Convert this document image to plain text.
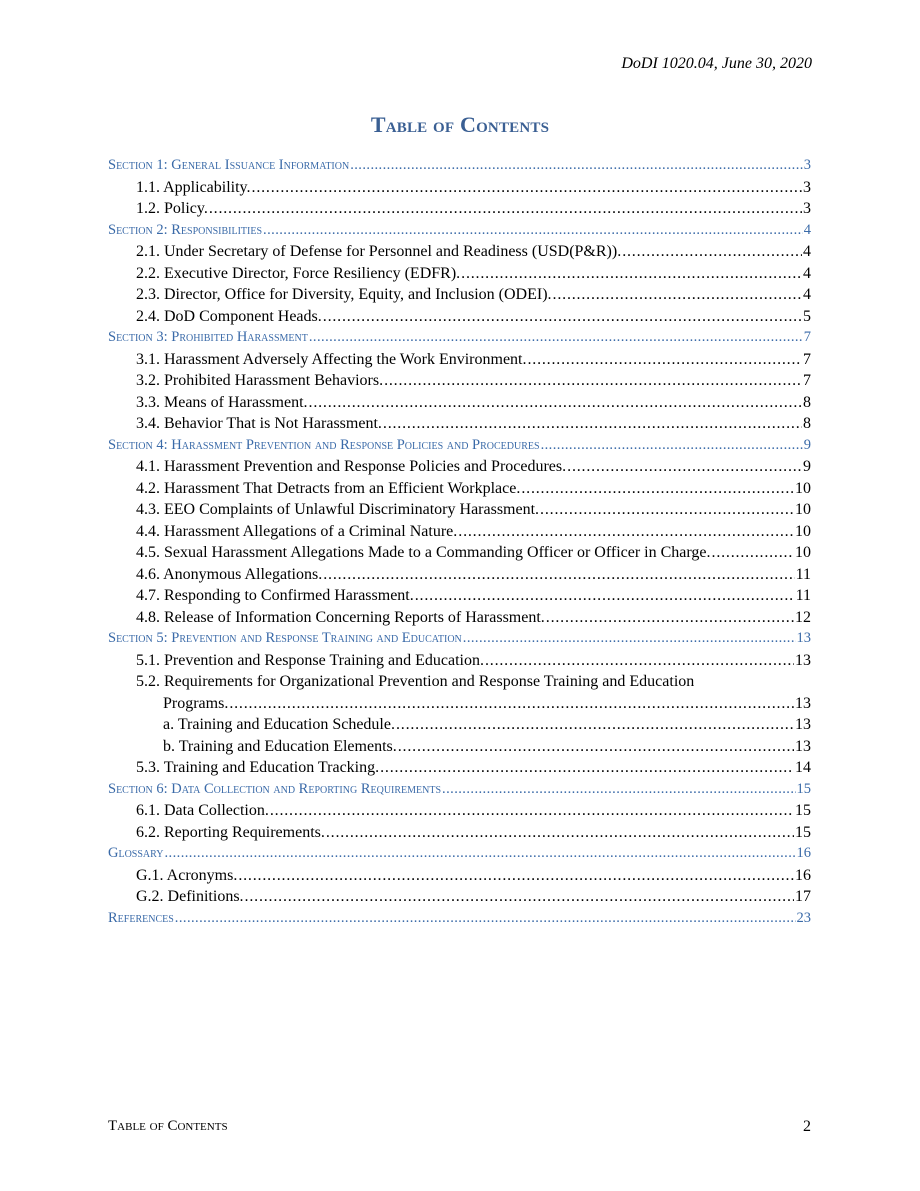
DoDI 1020.04, June 30, 2020
Table of Contents
Section 1: General Issuance Information . . .	3
1.1. Applicability. . . .	3
1.2. Policy. . . .	3
Section 2: Responsibilities . . .	4
2.1. Under Secretary of Defense for Personnel and Readiness (USD(P&R)). . . .	4
2.2. Executive Director, Force Resiliency (EDFR). . . .	4
2.3. Director, Office for Diversity, Equity, and Inclusion (ODEI). . . .	4
2.4. DoD Component Heads. . . .	5
Section 3: Prohibited Harassment . . .	7
3.1. Harassment Adversely Affecting the Work Environment. . . .	7
3.2. Prohibited Harassment Behaviors. . . .	7
3.3. Means of Harassment. . . .	8
3.4. Behavior That is Not Harassment. . . .	8
Section 4: Harassment Prevention and Response Policies and Procedures . . .	9
4.1. Harassment Prevention and Response Policies and Procedures. . . .	9
4.2. Harassment That Detracts from an Efficient Workplace. . . .	10
4.3. EEO Complaints of Unlawful Discriminatory Harassment. . . .	10
4.4. Harassment Allegations of a Criminal Nature. . . .	10
4.5. Sexual Harassment Allegations Made to a Commanding Officer or Officer in Charge. . . .	10
4.6. Anonymous Allegations. . . .	11
4.7. Responding to Confirmed Harassment. . . .	11
4.8. Release of Information Concerning Reports of Harassment. . . .	12
Section 5: Prevention and Response Training and Education . . .	13
5.1. Prevention and Response Training and Education. . . .	13
5.2. Requirements for Organizational Prevention and Response Training and Education
Programs. . . .	13
a. Training and Education Schedule. . . .	13
b. Training and Education Elements. . . .	13
5.3. Training and Education Tracking. . . .	14
Section 6: Data Collection and Reporting Requirements . . .	15
6.1. Data Collection. . . .	15
6.2. Reporting Requirements. . . .	15
Glossary . . .	16
G.1. Acronyms. . . .	16
G.2. Definitions. . . .	17
References . . .	23
Table of Contents	2
